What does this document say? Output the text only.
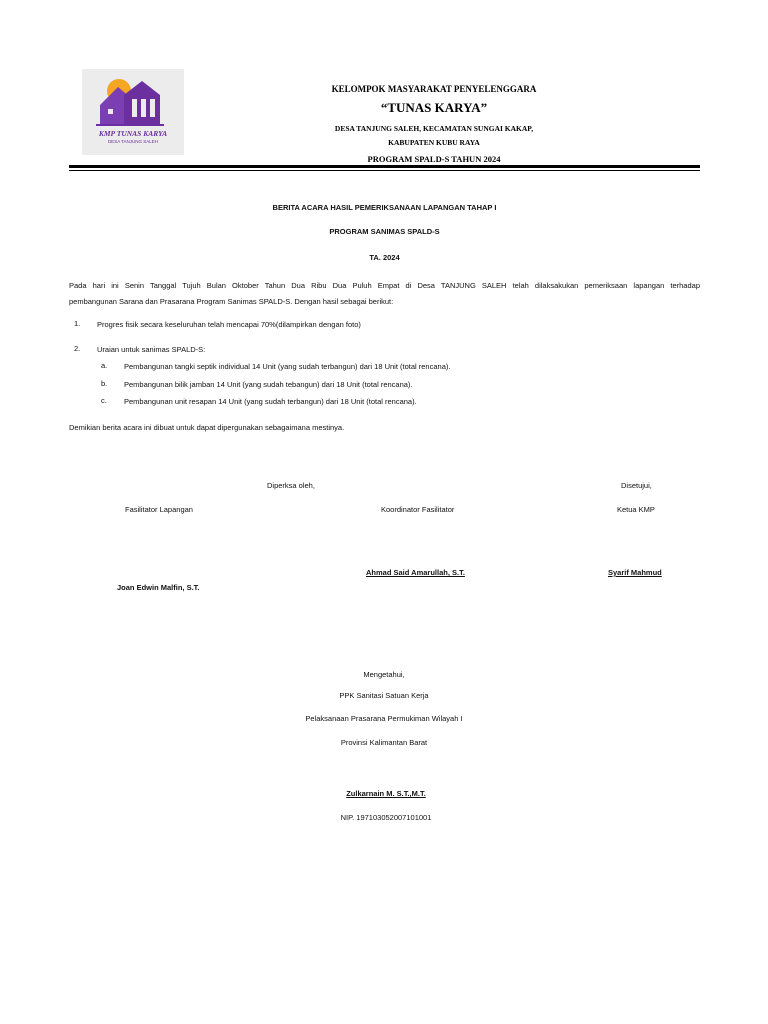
KMP TUNAS KARYA
DESA TANJUNG SALEH
KELOMPOK MASYARAKAT PENYELENGGARA
“TUNAS KARYA”
DESA TANJUNG SALEH, KECAMATAN SUNGAI KAKAP,
KABUPATEN KUBU RAYA
PROGRAM SPALD-S TAHUN 2024
BERITA ACARA HASIL PEMERIKSANAAN LAPANGAN TAHAP I
PROGRAM SANIMAS SPALD-S
TA. 2024
Pada hari ini Senin Tanggal Tujuh Bulan Oktober Tahun Dua Ribu Dua Puluh Empat di Desa TANJUNG SALEH telah dilaksakukan pemeriksaan lapangan terhadap
pembangunan Sarana dan Prasarana Program Sanimas SPALD-S. Dengan hasil sebagai berikut:
1. Progres fisik secara keseluruhan telah mencapai 70%(dilampirkan dengan foto)
2. Uraian untuk sanimas SPALD-S:
a. Pembangunan tangki septik individual 14 Unit (yang sudah terbangun) dari 18 Unit (total rencana).
b. Pembangunan bilik jamban 14 Unit (yang sudah tebangun) dari 18 Unit (total rencana).
c. Pembangunan unit resapan 14 Unit (yang sudah terbangun) dari 18 Unit (total rencana).
Demikian berita acara ini dibuat untuk dapat dipergunakan sebagaimana mestinya.
Diperksa oleh,	Disetujui,
Fasilitator Lapangan	Koordinator Fasilitator	Ketua KMP
Ahmad Said Amarullah, S.T.	Syarif Mahmud
Joan Edwin Malfin, S.T.
Mengetahui,
PPK Sanitasi Satuan Kerja
Pelaksanaan Prasarana Permukiman Wilayah I
Provinsi Kalimantan Barat
Zulkarnain M. S.T.,M.T.
NIP. 197103052007101001
